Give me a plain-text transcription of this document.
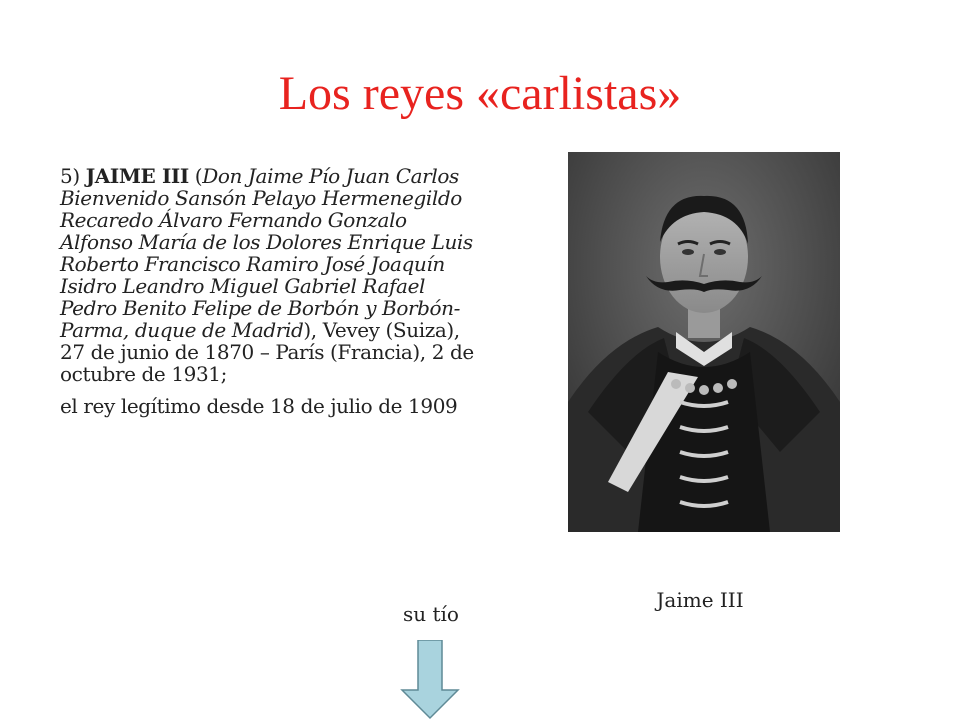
Los reyes «carlistas»

5) JAIME III (Don Jaime Pío Juan Carlos Bienvenido Sansón Pelayo Hermenegildo Recaredo Álvaro Fernando Gonzalo Alfonso María de los Dolores Enrique Luis Roberto Francisco Ramiro José Joaquín Isidro Leandro Miguel Gabriel Rafael Pedro Benito Felipe de Borbón y Borbón-Parma, duque de Madrid), Vevey (Suiza), 27 de junio de 1870 – París (Francia), 2 de octubre de 1931;

el rey legítimo desde 18 de julio de 1909

Jaime III
su tío
